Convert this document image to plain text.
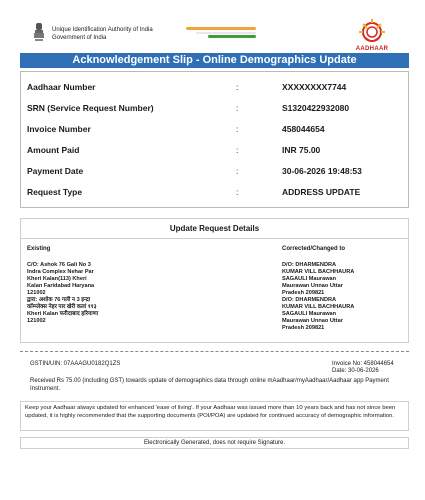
Unique Identification Authority of India
Government of India
AADHAAR
Acknowledgement Slip - Online Demographics Update
Aadhaar Number	:	XXXXXXXX7744
SRN (Service Request Number)	:	S1320422932080
Invoice Number	:	458044654
Amount Paid	:	INR 75.00
Payment Date	:	30-06-2026 19:48:53
Request Type	:	ADDRESS UPDATE
Update Request Details
Existing
C/O: Ashok 76 Gali No 3
Indra Complex Nehar Par
Kheri Kalan(113) Kheri
Kalan Faridabad Haryana
121002
द्वारा: अशोक 76 गली न 3 इन्द्रा
कॉम्प्लेक्स नेहर पार खेरी कलां ११३
Kheri Kalan फरीदाबाद हरियाणा
121002
Corrected/Changed to
D/O: DHARMENDRA
KUMAR VILL BACHHAURA
SAGAULI Maurawan
Maurawan Unnao Uttar
Pradesh 209821
D/O: DHARMENDRA
KUMAR VILL BACHHAURA
SAGAULI Maurawan
Maurawan Unnao Uttar
Pradesh 209821
GSTIN/UIN: 07AAAGU0182Q1ZS	Invoice No: 458044654
Date: 30-06-2026
Received Rs 75.00 (including GST) towards update of demographics data through online mAadhaar/myAadhaar/Aadhaar app Payment Instrument.
Keep your Aadhaar always updated for enhanced 'ease of living'. If your Aadhaar was issued more than 10 years back and has not since been updated, it is highly recommended that the supporting documents (POI/POA) are updated for continued accuracy of demographic information.
Electronically Generated, does not require Signature.
